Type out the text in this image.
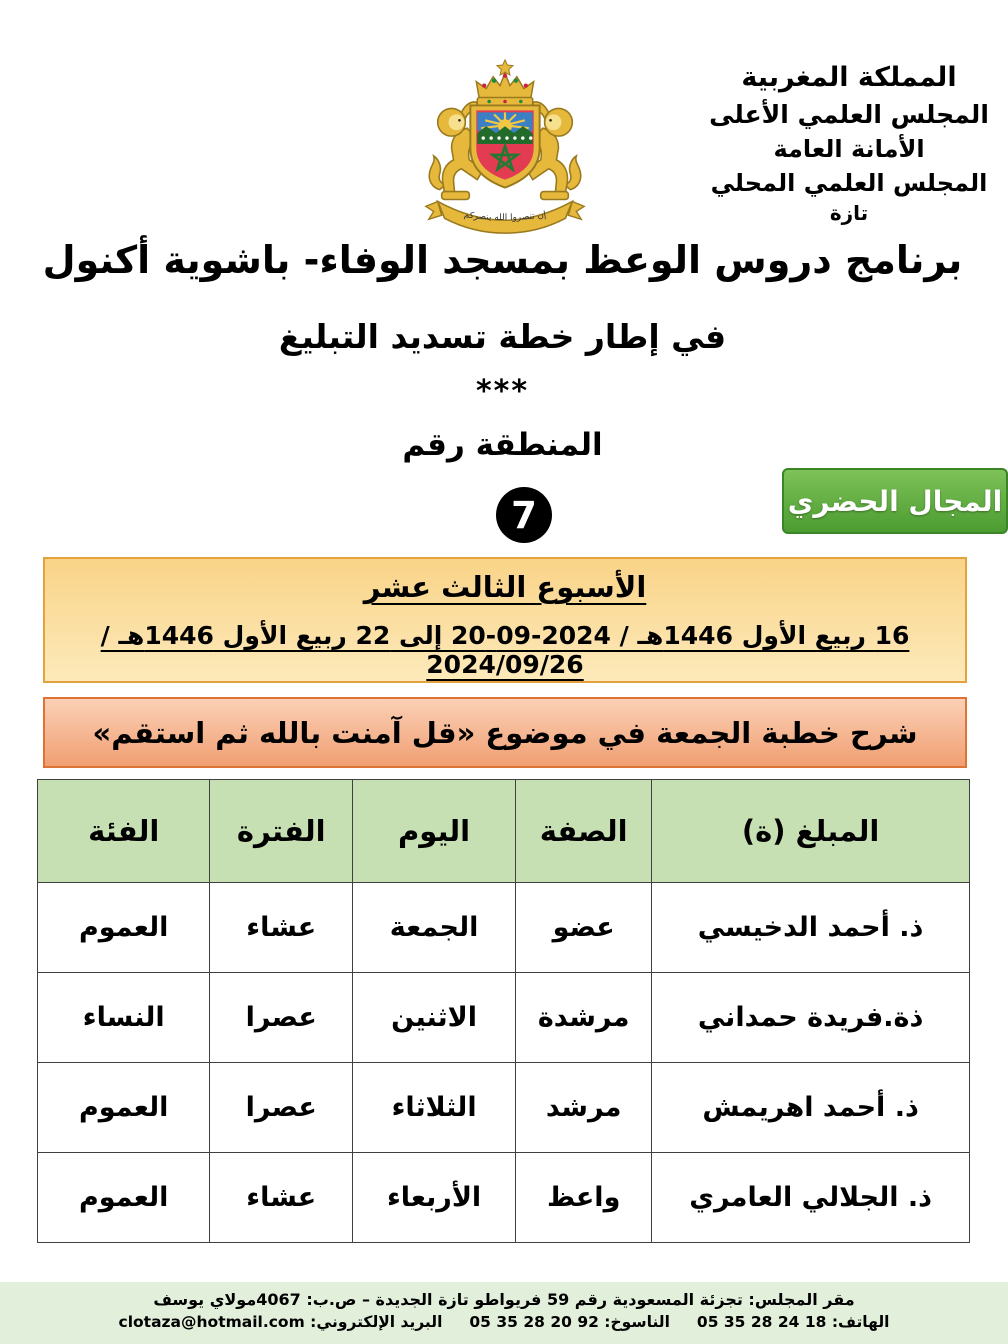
إن تنصروا الله ينصركم
المملكة المغربية
المجلس العلمي الأعلى
الأمانة العامة
المجلس العلمي المحلي
تازة
برنامج دروس الوعظ بمسجد الوفاء- باشوية أكنول
في إطار خطة تسديد التبليغ
***
المنطقة رقم
7	المجال الحضري
الأسبوع الثالث عشر
16 ربيع الأول 1446هـ / 2024-09-20 إلى 22 ربيع الأول 1446هـ / 2024/09/26
شرح خطبة الجمعة في موضوع «قل آمنت بالله ثم استقم»
المبلغ (ة)	الصفة	اليوم	الفترة	الفئة
ذ. أحمد الدخيسي	عضو	الجمعة	عشاء	العموم
ذة.فريدة حمداني	مرشدة	الاثنين	عصرا	النساء
ذ. أحمد اهريمش	مرشد	الثلاثاء	عصرا	العموم
ذ. الجلالي العامري	واعظ	الأربعاء	عشاء	العموم
مقر المجلس: تجزئة المسعودية رقم 59 فريواطو تازة الجديدة – ص.ب: 4067مولاي يوسف
الهاتف: 18 24 28 35 05     الناسوخ: 92 20 28 35 05     البريد الإلكتروني: clotaza@hotmail.com
